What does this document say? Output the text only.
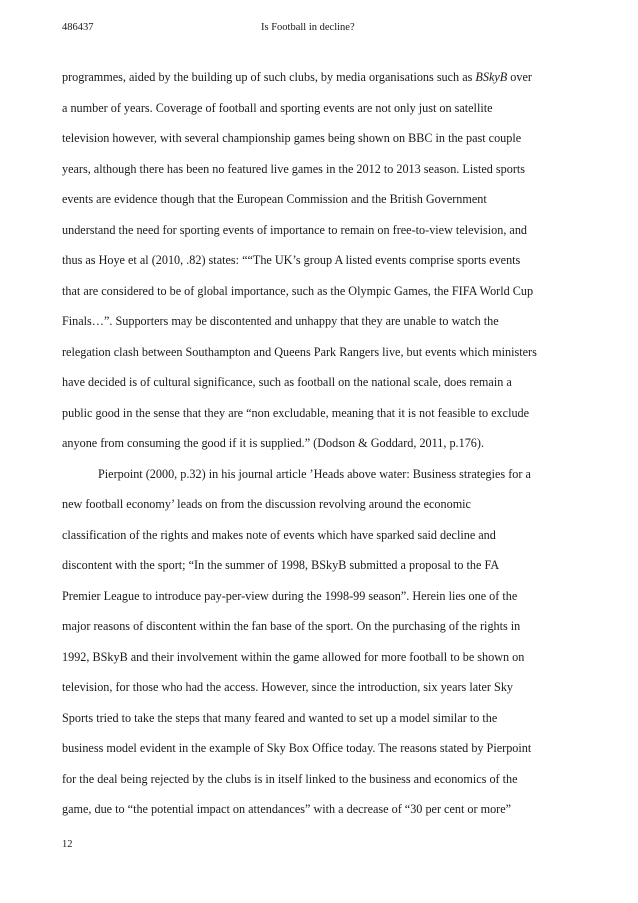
486437	Is Football in decline?
programmes, aided by the building up of such clubs, by media organisations such as BSkyB over
a number of years. Coverage of football and sporting events are not only just on satellite
television however, with several championship games being shown on BBC in the past couple
years, although there has been no featured live games in the 2012 to 2013 season. Listed sports
events are evidence though that the European Commission and the British Government
understand the need for sporting events of importance to remain on free-to-view television, and
thus as Hoye et al (2010, .82) states: ““The UK’s group A listed events comprise sports events
that are considered to be of global importance, such as the Olympic Games, the FIFA World Cup
Finals…”. Supporters may be discontented and unhappy that they are unable to watch the
relegation clash between Southampton and Queens Park Rangers live, but events which ministers
have decided is of cultural significance, such as football on the national scale, does remain a
public good in the sense that they are “non excludable, meaning that it is not feasible to exclude
anyone from consuming the good if it is supplied.” (Dodson & Goddard, 2011, p.176).
Pierpoint (2000, p.32) in his journal article ’Heads above water: Business strategies for a
new football economy’ leads on from the discussion revolving around the economic
classification of the rights and makes note of events which have sparked said decline and
discontent with the sport; “In the summer of 1998, BSkyB submitted a proposal to the FA
Premier League to introduce pay-per-view during the 1998-99 season”. Herein lies one of the
major reasons of discontent within the fan base of the sport. On the purchasing of the rights in
1992, BSkyB and their involvement within the game allowed for more football to be shown on
television, for those who had the access. However, since the introduction, six years later Sky
Sports tried to take the steps that many feared and wanted to set up a model similar to the
business model evident in the example of Sky Box Office today. The reasons stated by Pierpoint
for the deal being rejected by the clubs is in itself linked to the business and economics of the
game, due to “the potential impact on attendances” with a decrease of “30 per cent or more”
12
